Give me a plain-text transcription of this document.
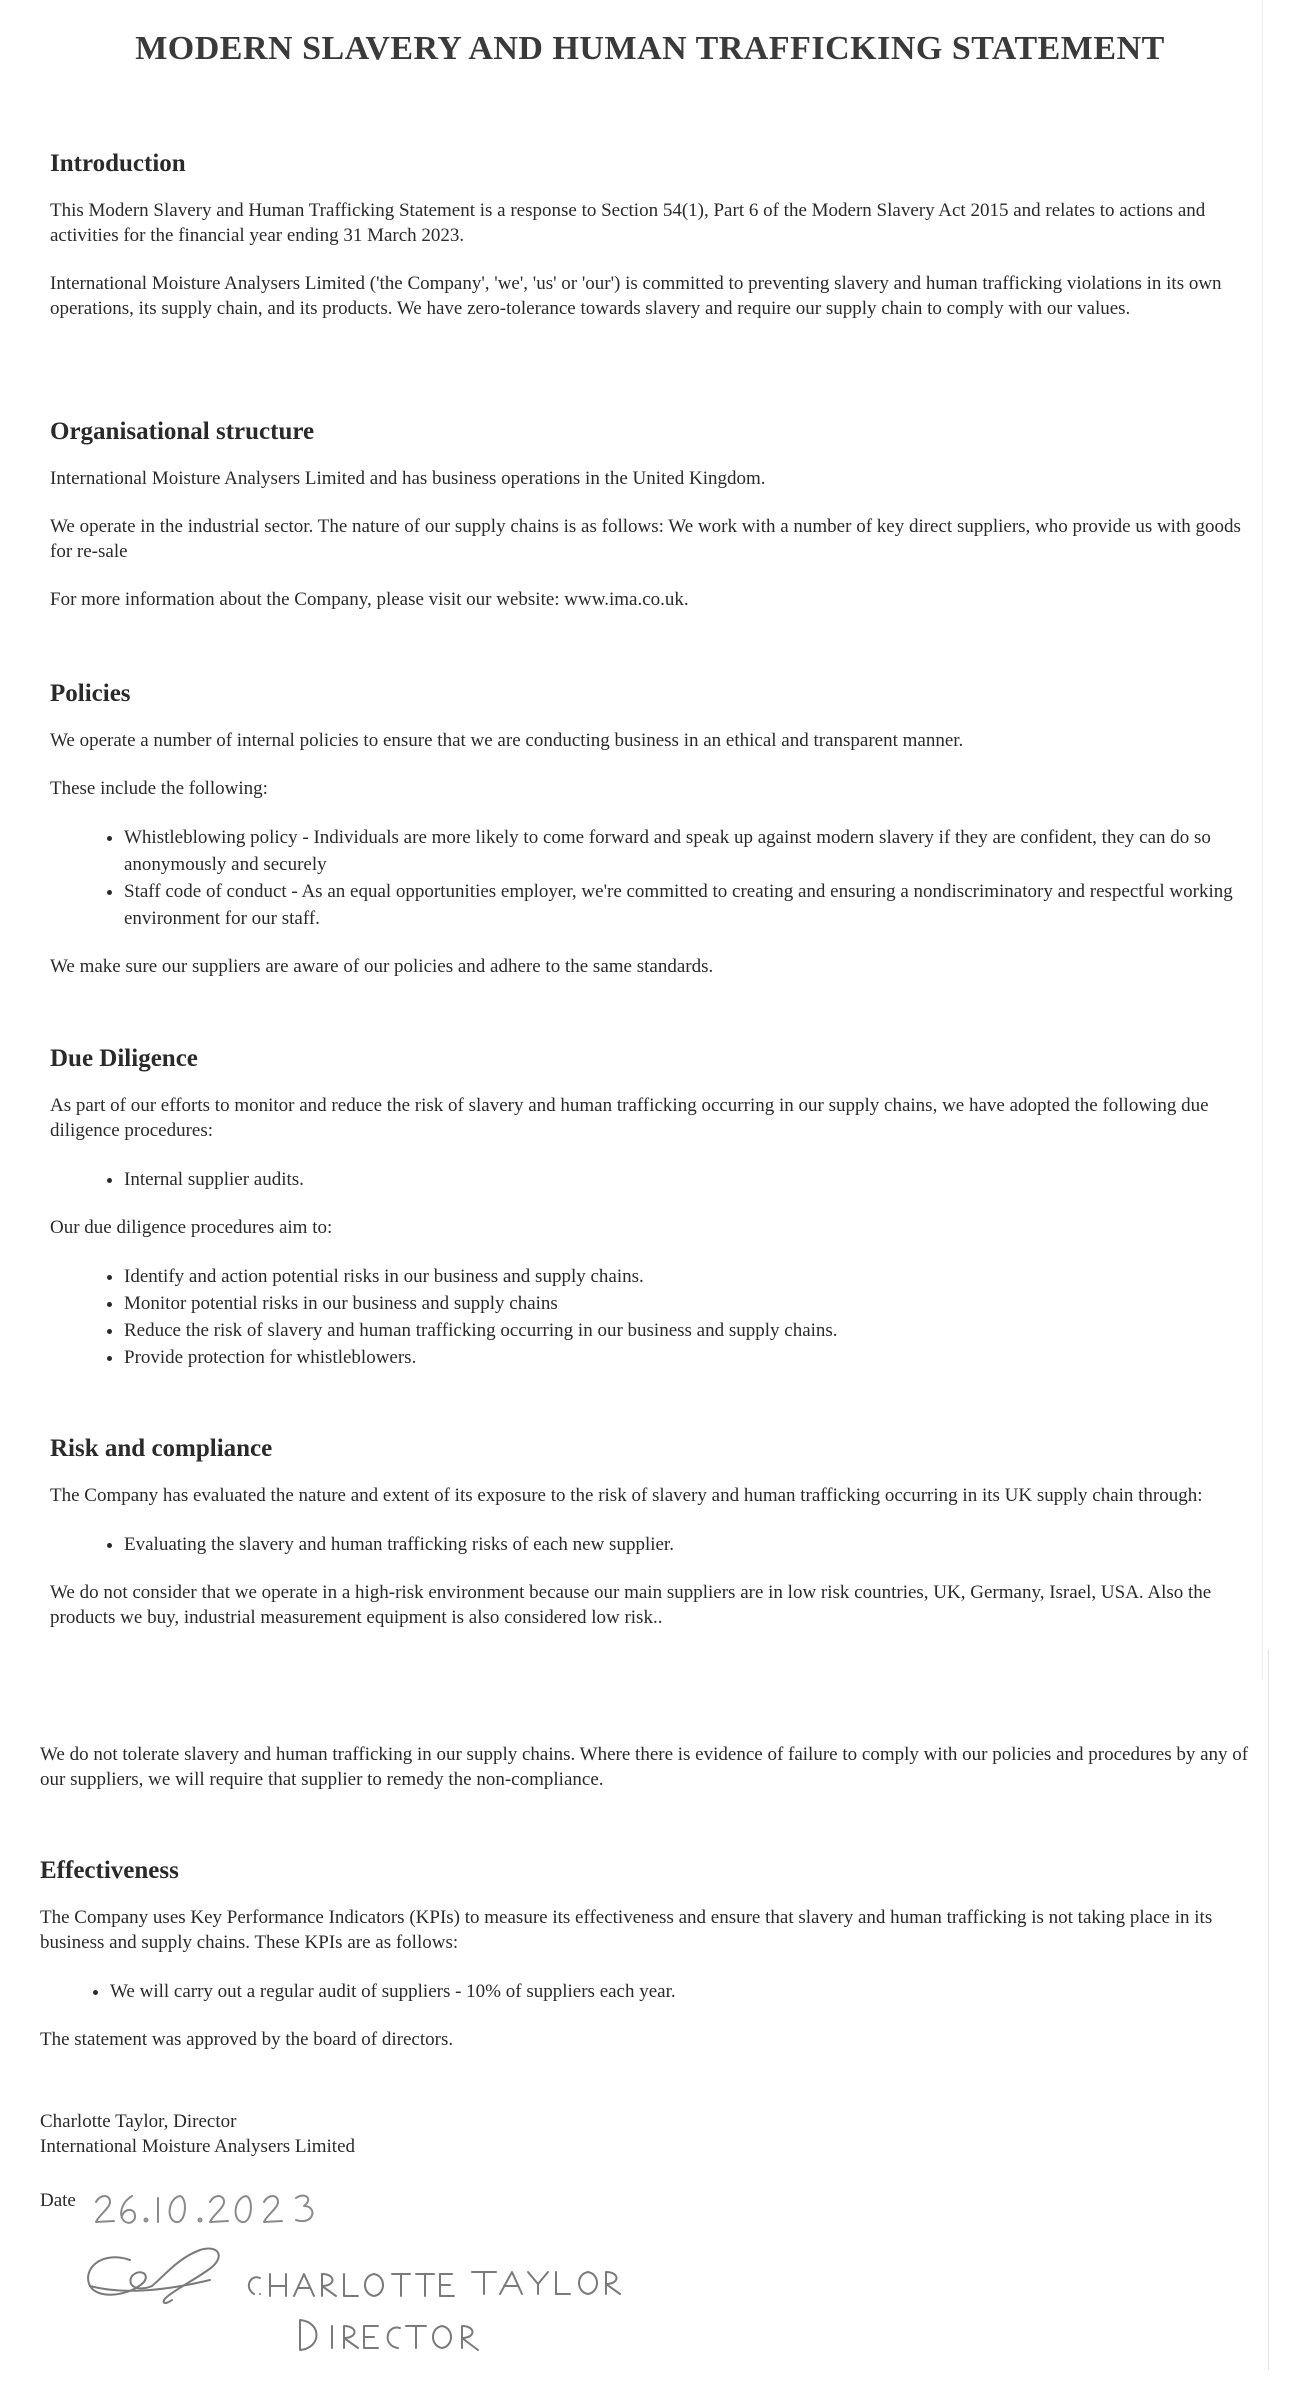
MODERN SLAVERY AND HUMAN TRAFFICKING STATEMENT
Introduction

This Modern Slavery and Human Trafficking Statement is a response to Section 54(1), Part 6 of the Modern Slavery Act 2015 and relates to actions and activities for the financial year ending 31 March 2023.

International Moisture Analysers Limited ('the Company', 'we', 'us' or 'our') is committed to preventing slavery and human trafficking violations in its own operations, its supply chain, and its products. We have zero-tolerance towards slavery and require our supply chain to comply with our values.

Organisational structure

International Moisture Analysers Limited and has business operations in the United Kingdom.

We operate in the industrial sector. The nature of our supply chains is as follows: We work with a number of key direct suppliers, who provide us with goods for re-sale

For more information about the Company, please visit our website: www.ima.co.uk.

Policies

We operate a number of internal policies to ensure that we are conducting business in an ethical and transparent manner.

These include the following:

• Whistleblowing policy - Individuals are more likely to come forward and speak up against modern slavery if they are confident, they can do so anonymously and securely
• Staff code of conduct - As an equal opportunities employer, we're committed to creating and ensuring a nondiscriminatory and respectful working environment for our staff.

We make sure our suppliers are aware of our policies and adhere to the same standards.

Due Diligence

As part of our efforts to monitor and reduce the risk of slavery and human trafficking occurring in our supply chains, we have adopted the following due diligence procedures:

• Internal supplier audits.

Our due diligence procedures aim to:

• Identify and action potential risks in our business and supply chains.
• Monitor potential risks in our business and supply chains
• Reduce the risk of slavery and human trafficking occurring in our business and supply chains.
• Provide protection for whistleblowers.
Risk and compliance

The Company has evaluated the nature and extent of its exposure to the risk of slavery and human trafficking occurring in its UK supply chain through:

• Evaluating the slavery and human trafficking risks of each new supplier.

We do not consider that we operate in a high-risk environment because our main suppliers are in low risk countries, UK, Germany, Israel, USA. Also the products we buy, industrial measurement equipment is also considered low risk..

We do not tolerate slavery and human trafficking in our supply chains. Where there is evidence of failure to comply with our policies and procedures by any of our suppliers, we will require that supplier to remedy the non-compliance.

Effectiveness

The Company uses Key Performance Indicators (KPIs) to measure its effectiveness and ensure that slavery and human trafficking is not taking place in its business and supply chains. These KPIs are as follows:

• We will carry out a regular audit of suppliers - 10% of suppliers each year.

The statement was approved by the board of directors.

Charlotte Taylor, Director

International Moisture Analysers Limited

Date
